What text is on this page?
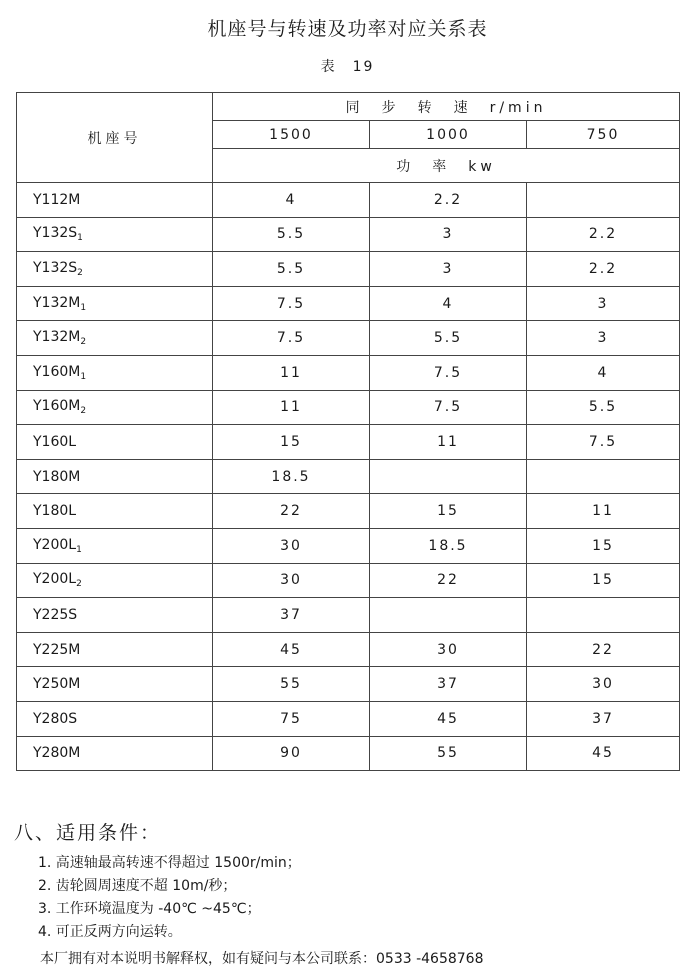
机座号与转速及功率对应关系表
表　19
机座号	同　步　转　速　r/min		
	1500	1000	750
	功　率　kw		
Y112M	4	2.2	
$Y132S_1$	5.5	3	2.2
$Y132S_2$	5.5	3	2.2
$Y132M_1$	7.5	4	3
$Y132M_2$	7.5	5.5	3
$Y160M_1$	11	7.5	4
$Y160M_2$	11	7.5	5.5
Y160L	15	11	7.5
Y180M	18.5		
Y180L	22	15	11
$Y200L_1$	30	18.5	15
$Y200L_2$	30	22	15
Y225S	37		
Y225M	45	30	22
Y250M	55	37	30
Y280S	75	45	37
Y280M	90	55	45
八、适用条件：
1. 高速轴最高转速不得超过 1500r/min；
2. 齿轮圆周速度不超 10m/秒；
3. 工作环境温度为 -40℃ ~45℃；
4. 可正反两方向运转。
本厂拥有对本说明书解释权，如有疑问与本公司联系：0533 -4658768
